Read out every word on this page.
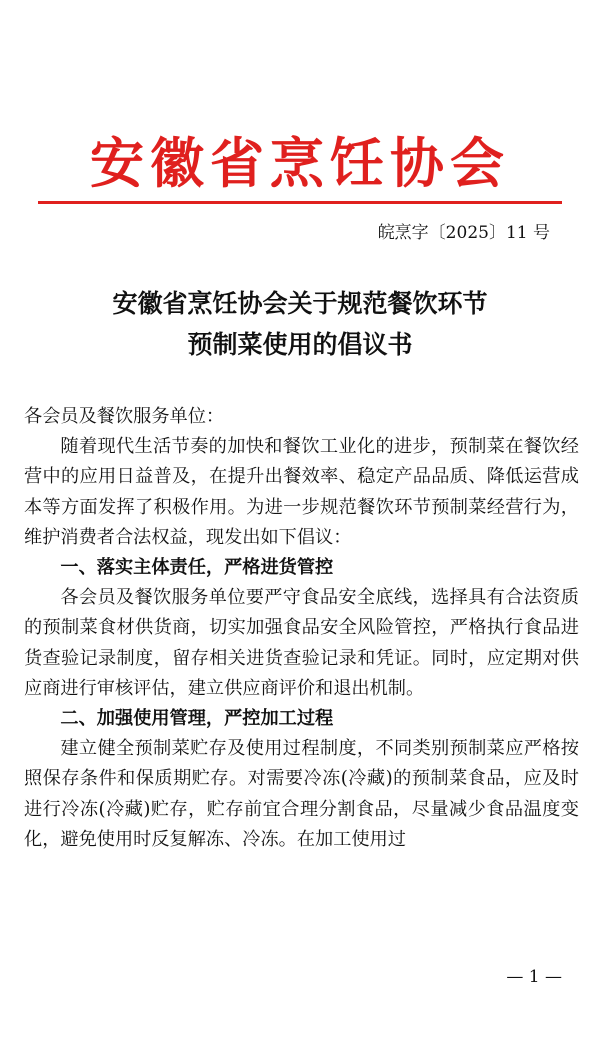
安徽省烹饪协会
皖烹字〔2025〕11 号
安徽省烹饪协会关于规范餐饮环节
预制菜使用的倡议书

各会员及餐饮服务单位：

随着现代生活节奏的加快和餐饮工业化的进步，预制菜在餐饮经营中的应用日益普及，在提升出餐效率、稳定产品品质、降低运营成本等方面发挥了积极作用。为进一步规范餐饮环节预制菜经营行为，维护消费者合法权益，现发出如下倡议：

一、落实主体责任，严格进货管控

各会员及餐饮服务单位要严守食品安全底线，选择具有合法资质的预制菜食材供货商，切实加强食品安全风险管控，严格执行食品进货查验记录制度，留存相关进货查验记录和凭证。同时，应定期对供应商进行审核评估，建立供应商评价和退出机制。

二、加强使用管理，严控加工过程

建立健全预制菜贮存及使用过程制度，不同类别预制菜应严格按照保存条件和保质期贮存。对需要冷冻(冷藏)的预制菜食品，应及时进行冷冻(冷藏)贮存，贮存前宜合理分割食品，尽量减少食品温度变化，避免使用时反复解冻、冷冻。在加工使用过

— 1 —
